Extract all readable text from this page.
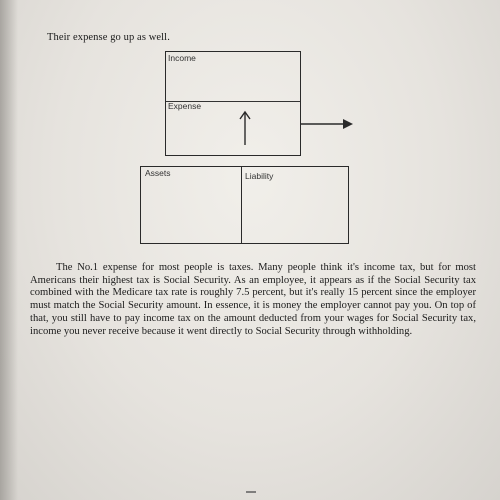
Their expense go up as well.
Income
Expense
Assets	Liability

The No.1 expense for most people is taxes. Many people think it's income tax, but for most Americans their highest tax is Social Security. As an employee, it appears as if the Social Security tax combined with the Medicare tax rate is roughly 7.5 percent, but it's really 15 percent since the employer must match the Social Security amount. In essence, it is money the employer cannot pay you. On top of that, you still have to pay income tax on the amount deducted from your wages for Social Security tax, income you never receive because it went directly to Social Security through withholding.
